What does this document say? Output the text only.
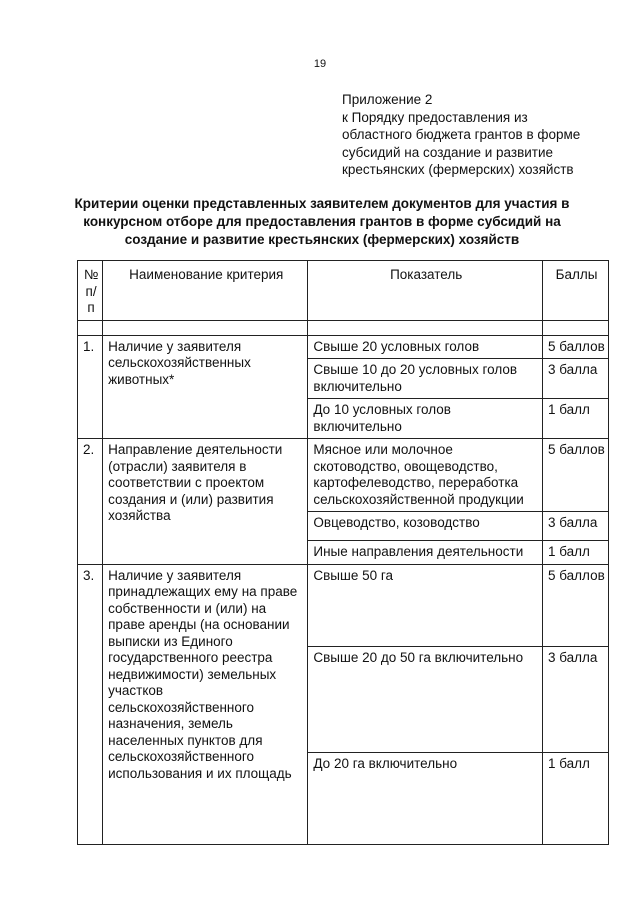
19
Приложение 2
к Порядку предоставления из
областного бюджета грантов в форме
субсидий на создание и развитие
крестьянских (фермерских) хозяйств
Критерии оценки представленных заявителем документов для участия в
конкурсном отборе для предоставления грантов в форме субсидий на
создание и развитие крестьянских (фермерских) хозяйств
№ п/п	Наименование критерия	Показатель	Баллы

1.	Наличие у заявителя сельскохозяйственных животных*	Свыше 20 условных голов	5 баллов
		Свыше 10 до 20 условных голов включительно	3 балла
		До 10 условных голов включительно	1 балл
2.	Направление деятельности (отрасли) заявителя в соответствии с проектом создания и (или) развития хозяйства	Мясное или молочное скотоводство, овощеводство, картофелеводство, переработка сельскохозяйственной продукции	5 баллов
		Овцеводство, козоводство	3 балла
		Иные направления деятельности	1 балл
3.	Наличие у заявителя принадлежащих ему на праве собственности и (или) на праве аренды (на основании выписки из Единого государственного реестра недвижимости) земельных участков сельскохозяйственного назначения, земель населенных пунктов для сельскохозяйственного использования и их площадь	Свыше 50 га	5 баллов
		Свыше 20 до 50 га включительно	3 балла
		До 20 га включительно	1 балл
